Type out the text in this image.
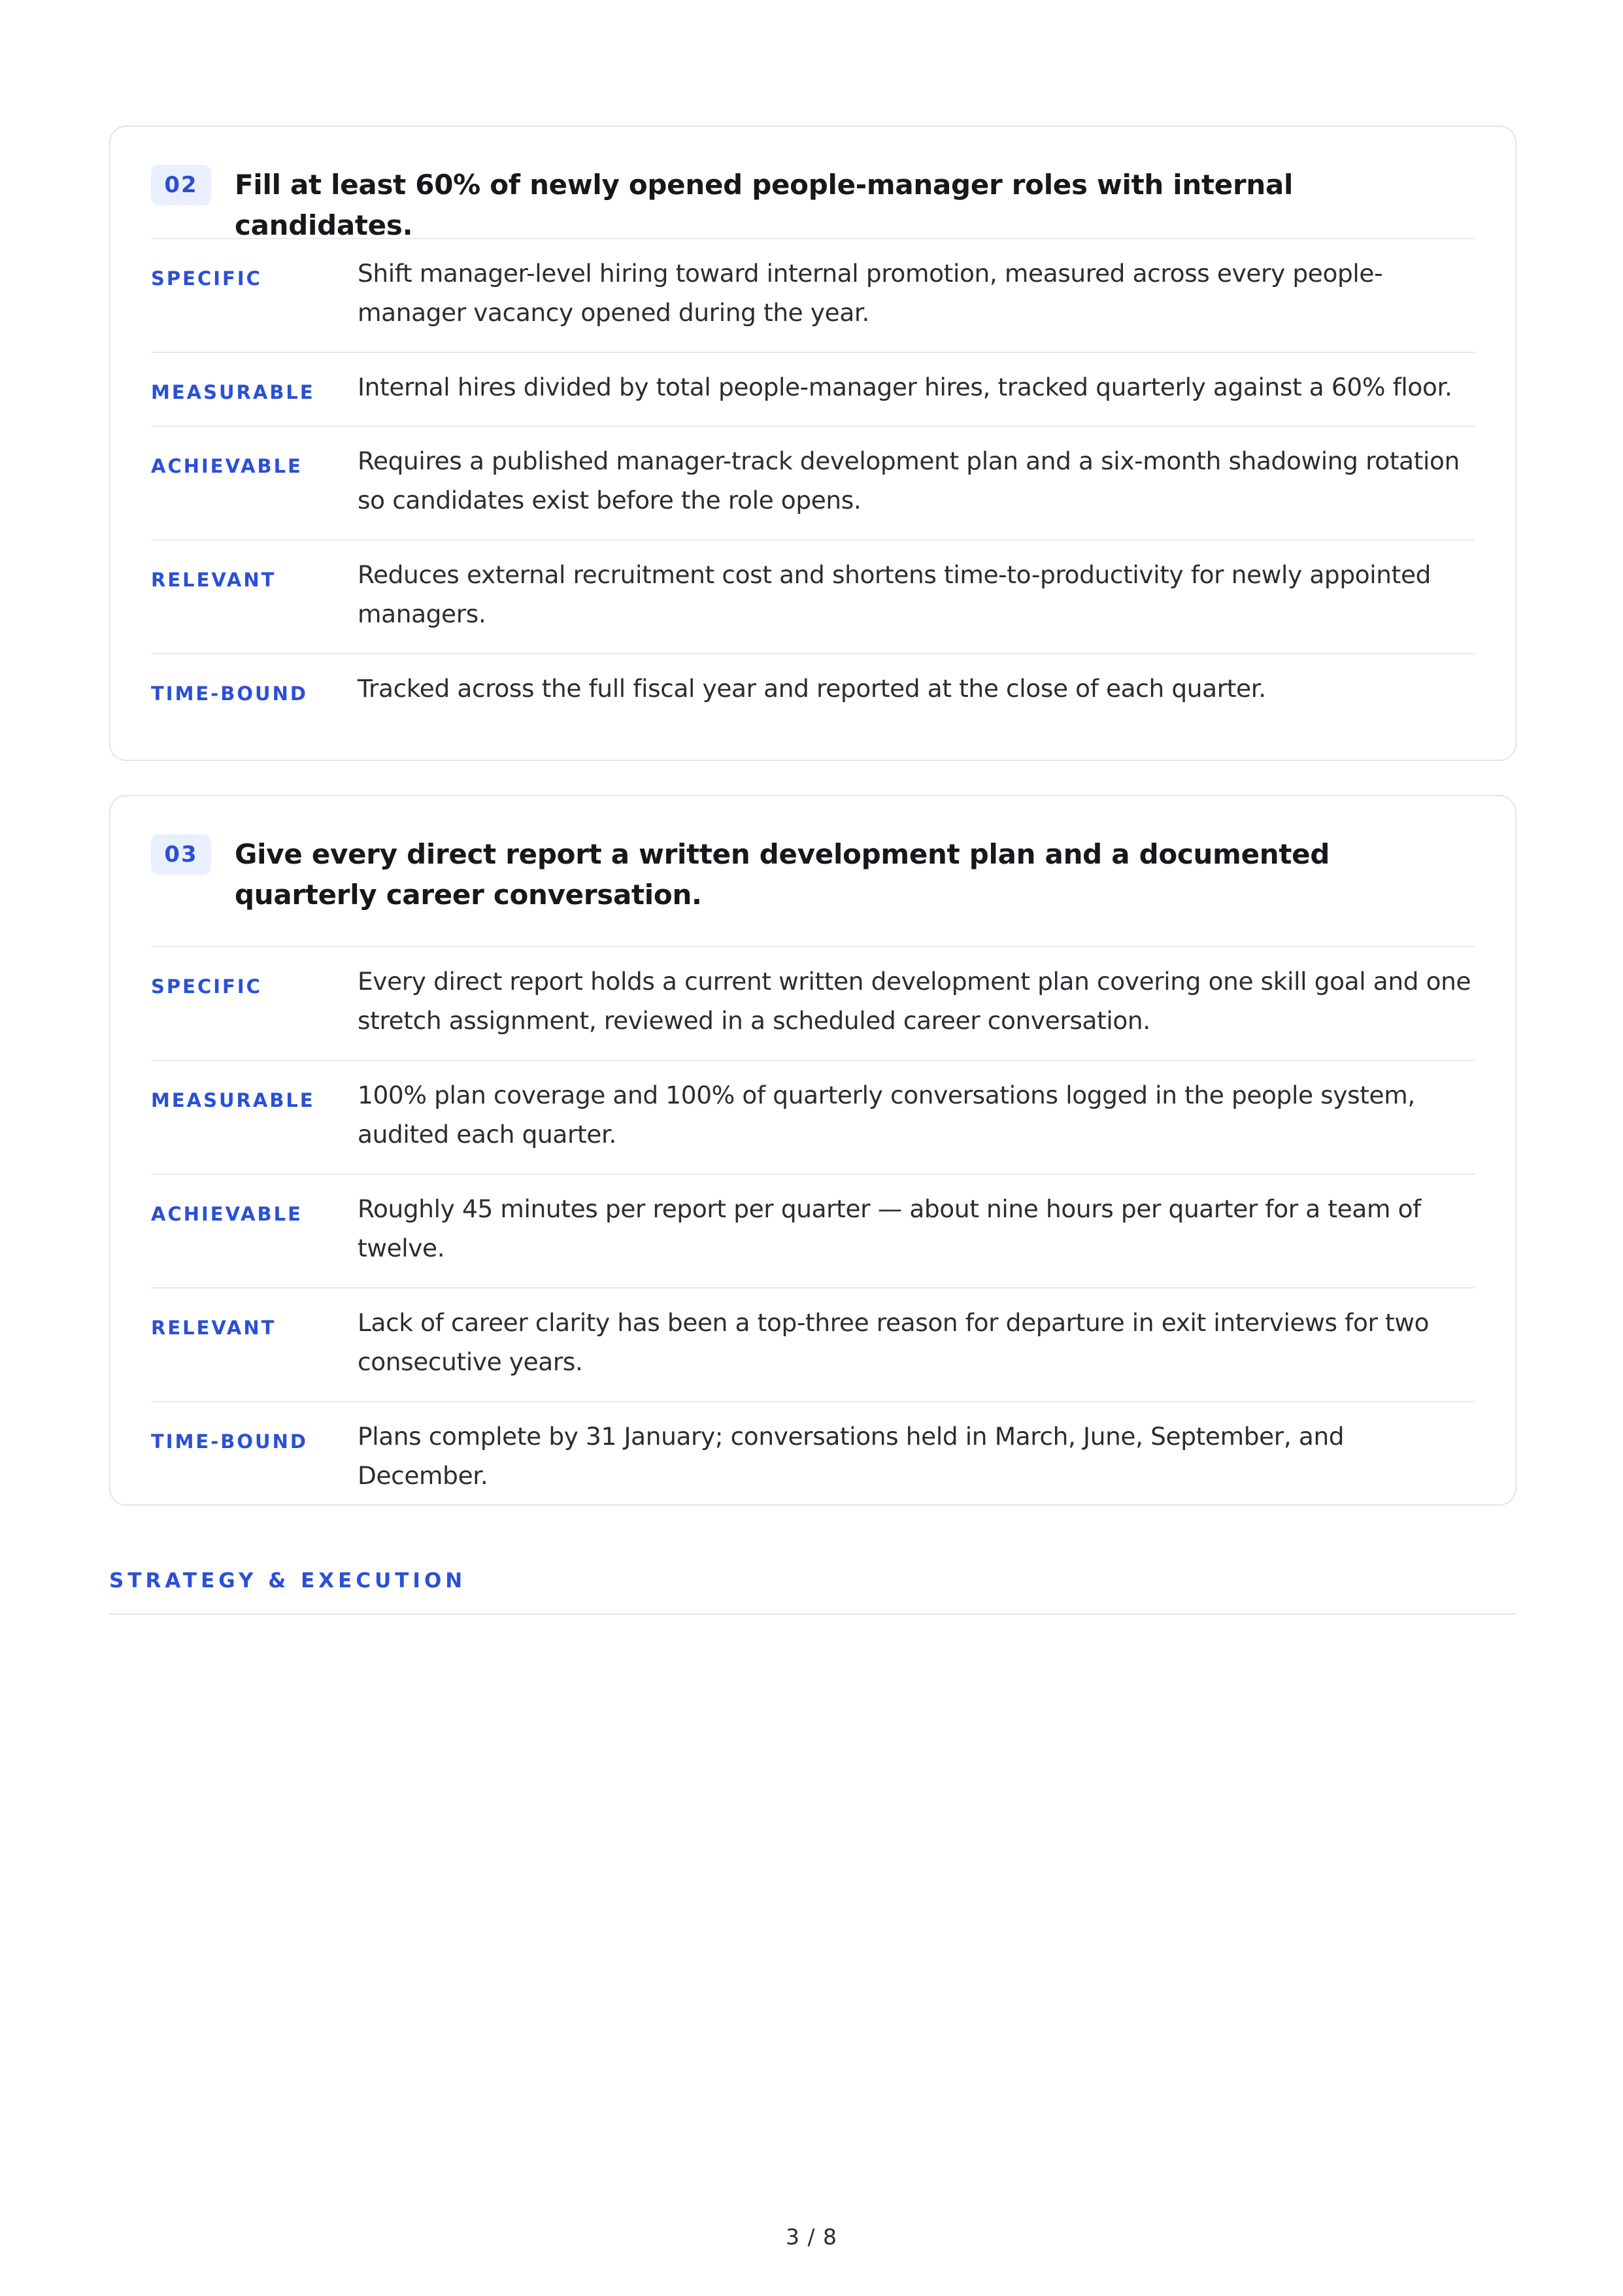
02	Fill at least 60% of newly opened people-manager roles with internal candidates.
SPECIFIC	Shift manager-level hiring toward internal promotion, measured across every people-manager vacancy opened during the year.
MEASURABLE	Internal hires divided by total people-manager hires, tracked quarterly against a 60% floor.
ACHIEVABLE	Requires a published manager-track development plan and a six-month shadowing rotation so candidates exist before the role opens.
RELEVANT	Reduces external recruitment cost and shortens time-to-productivity for newly appointed managers.
TIME-BOUND	Tracked across the full fiscal year and reported at the close of each quarter.
03	Give every direct report a written development plan and a documented quarterly career conversation.
SPECIFIC	Every direct report holds a current written development plan covering one skill goal and one stretch assignment, reviewed in a scheduled career conversation.
MEASURABLE	100% plan coverage and 100% of quarterly conversations logged in the people system, audited each quarter.
ACHIEVABLE	Roughly 45 minutes per report per quarter — about nine hours per quarter for a team of twelve.
RELEVANT	Lack of career clarity has been a top-three reason for departure in exit interviews for two consecutive years.
TIME-BOUND	Plans complete by 31 January; conversations held in March, June, September, and December.
STRATEGY & EXECUTION
3 / 8
